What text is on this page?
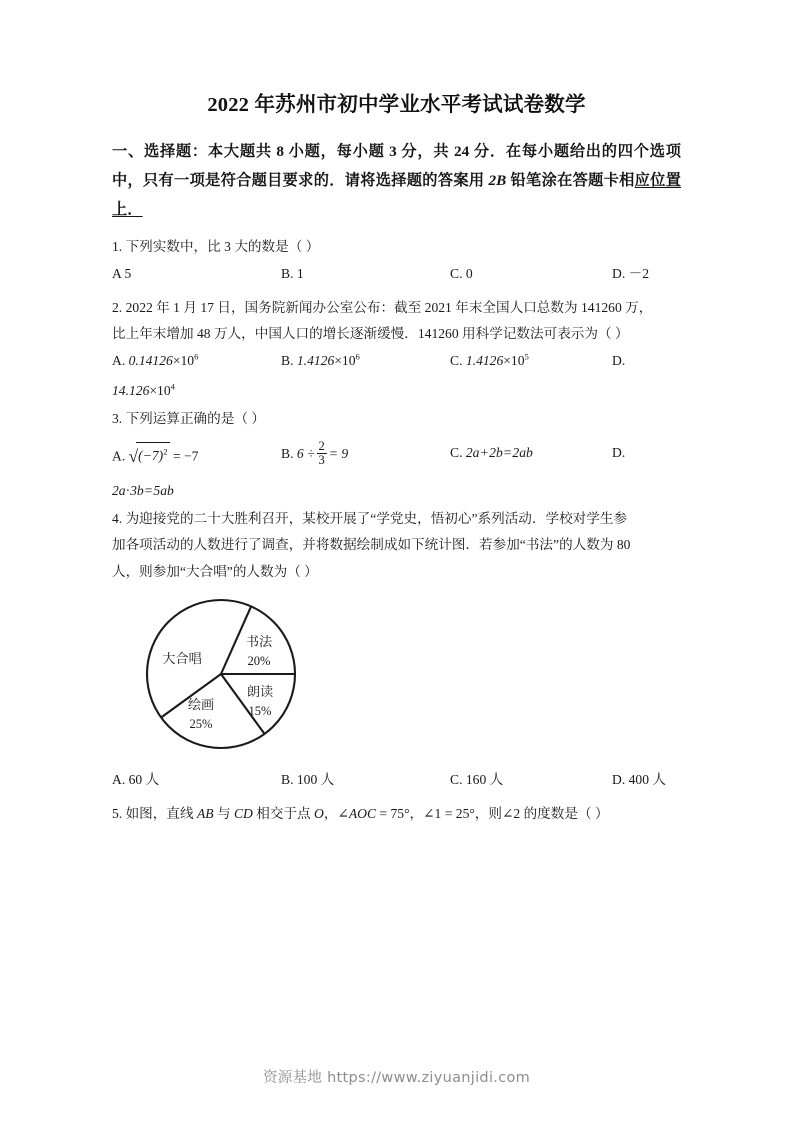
2022 年苏州市初中学业水平考试试卷数学
一、选择题：本大题共 8 小题，每小题 3 分，共 24 分．在每小题给出的四个选项中，只有一项是符合题目要求的．请将选择题的答案用 2B 铅笔涂在答题卡相应位置上．

1. 下列实数中，比 3 大的数是（ ）

A 5	B. 1	C. 0	D. －2

2. 2022 年 1 月 17 日，国务院新闻办公室公布：截至 2021 年末全国人口总数为 141260 万，

比上年末增加 48 万人，中国人口的增长逐渐缓慢．141260 用科学记数法可表示为（ ）

A. $0.14126\times 10^6$	B. $1.4126\times 10^6$	C. $1.4126\times 10^5$	D.

$14.126\times 10^4$

3. 下列运算正确的是（ ）

A. $√(-7)^2 = -7$	B. $6 \div \frac{2}{3} = 9$	C. 2a+2b=2ab	D.

2a·3b=5ab

4. 为迎接党的二十大胜利召开，某校开展了“学党史，悟初心”系列活动．学校对学生参

加各项活动的人数进行了调查，并将数据绘制成如下统计图．若参加“书法”的人数为 80

人，则参加“大合唱”的人数为（ ）

书法
20%
朗读
15%
绘画
25%
大合唱
A. 60 人	B. 100 人	C. 160 人	D. 400 人

5. 如图，直线 AB 与 CD 相交于点 O，∠AOC = 75°，∠1 = 25°，则∠2 的度数是（ ）

资源基地 https://www.ziyuanjidi.com
